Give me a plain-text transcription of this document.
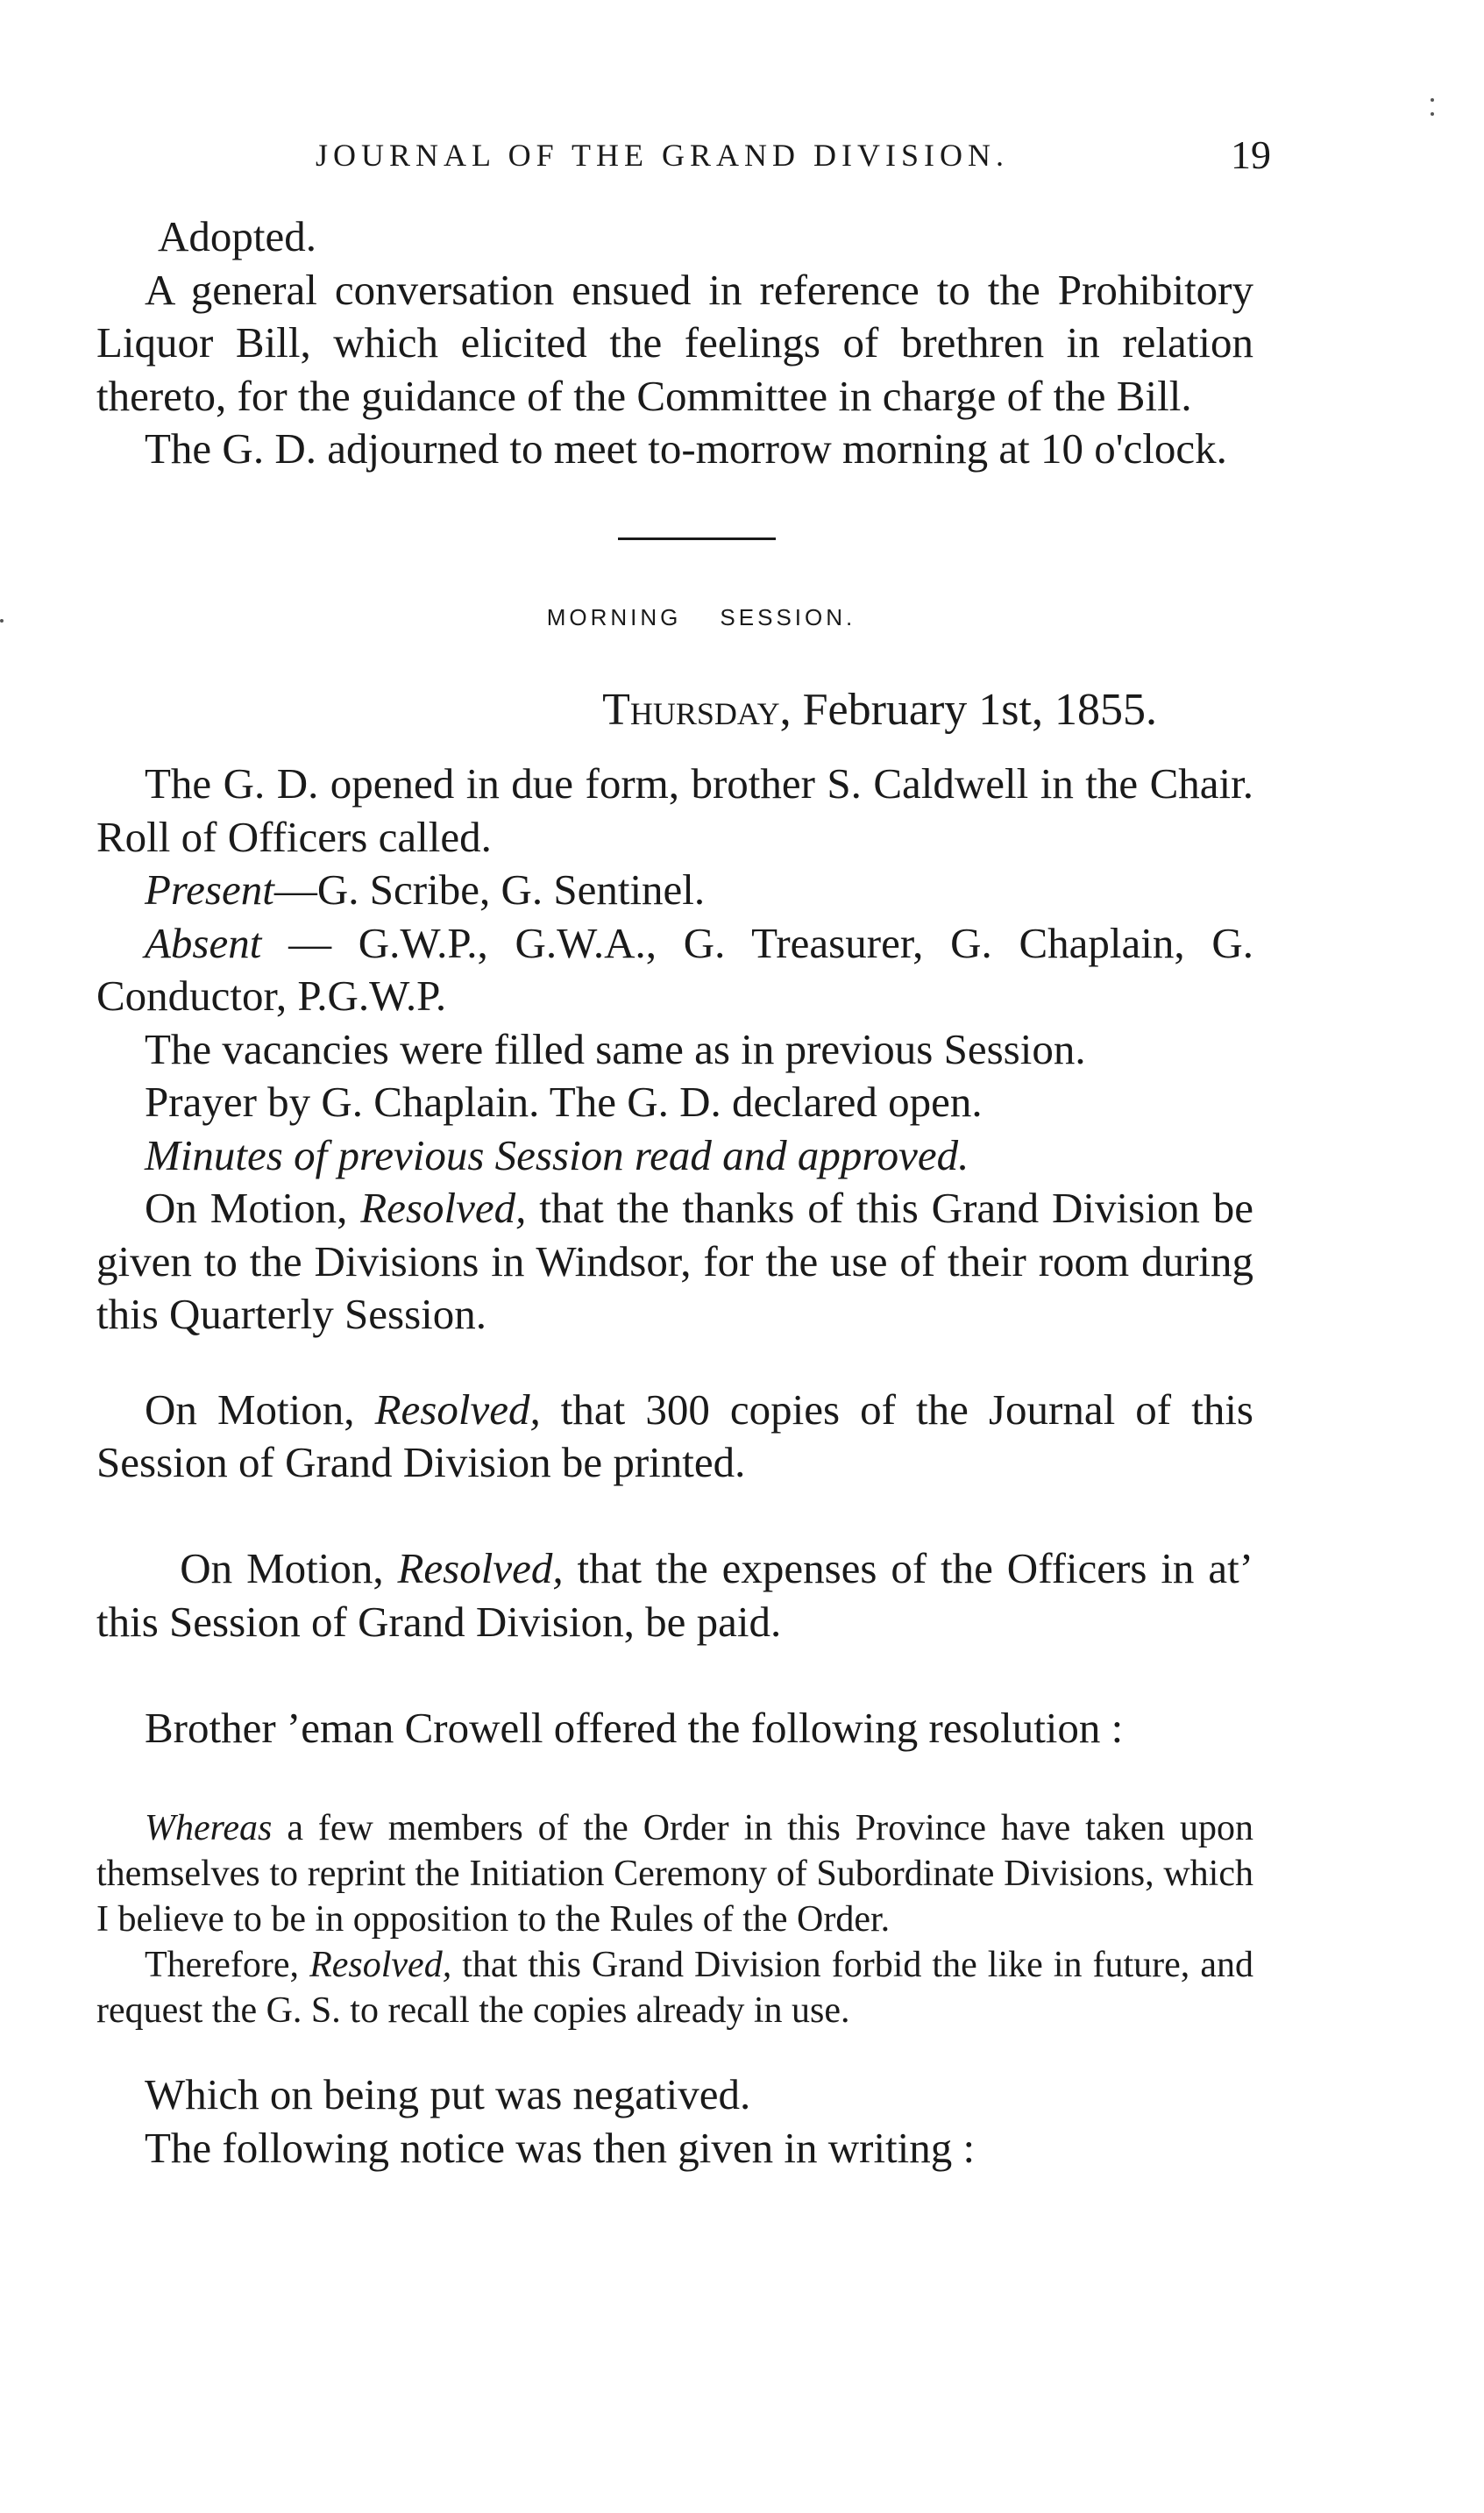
JOURNAL OF THE GRAND DIVISION.	19

Adopted.

A general conversation ensued in reference to the Prohibitory Liquor Bill, which elicited the feelings of brethren in relation thereto, for the guidance of the Committee in charge of the Bill.

The G. D. adjourned to meet to-morrow morning at 10 o'clock.

MORNING SESSION.
Thursday, February 1st, 1855.

The G. D. opened in due form, brother S. Caldwell in the Chair. Roll of Officers called.

Present—G. Scribe, G. Sentinel.

Absent — G.W.P., G.W.A., G. Treasurer, G. Chaplain, G. Conductor, P.G.W.P.

The vacancies were filled same as in previous Session.

Prayer by G. Chaplain. The G. D. declared open.

Minutes of previous Session read and approved.

On Motion, Resolved, that the thanks of this Grand Division be given to the Divisions in Windsor, for the use of their room during this Quarterly Session.

On Motion, Resolved, that 300 copies of the Journal of this Session of Grand Division be printed.

On Motion, Resolved, that the expenses of the Officers in at’         this Session of Grand Division, be paid.

Brother ’eman Crowell offered the following resolution :

Whereas a few members of the Order in this Province have taken upon themselves to reprint the Initiation Ceremony of Subordinate Divisions, which I believe to be in opposition to the Rules of the Order.

Therefore, Resolved, that this Grand Division forbid the like in future, and request the G. S. to recall the copies already in use.

Which on being put was negatived.

The following notice was then given in writing :
